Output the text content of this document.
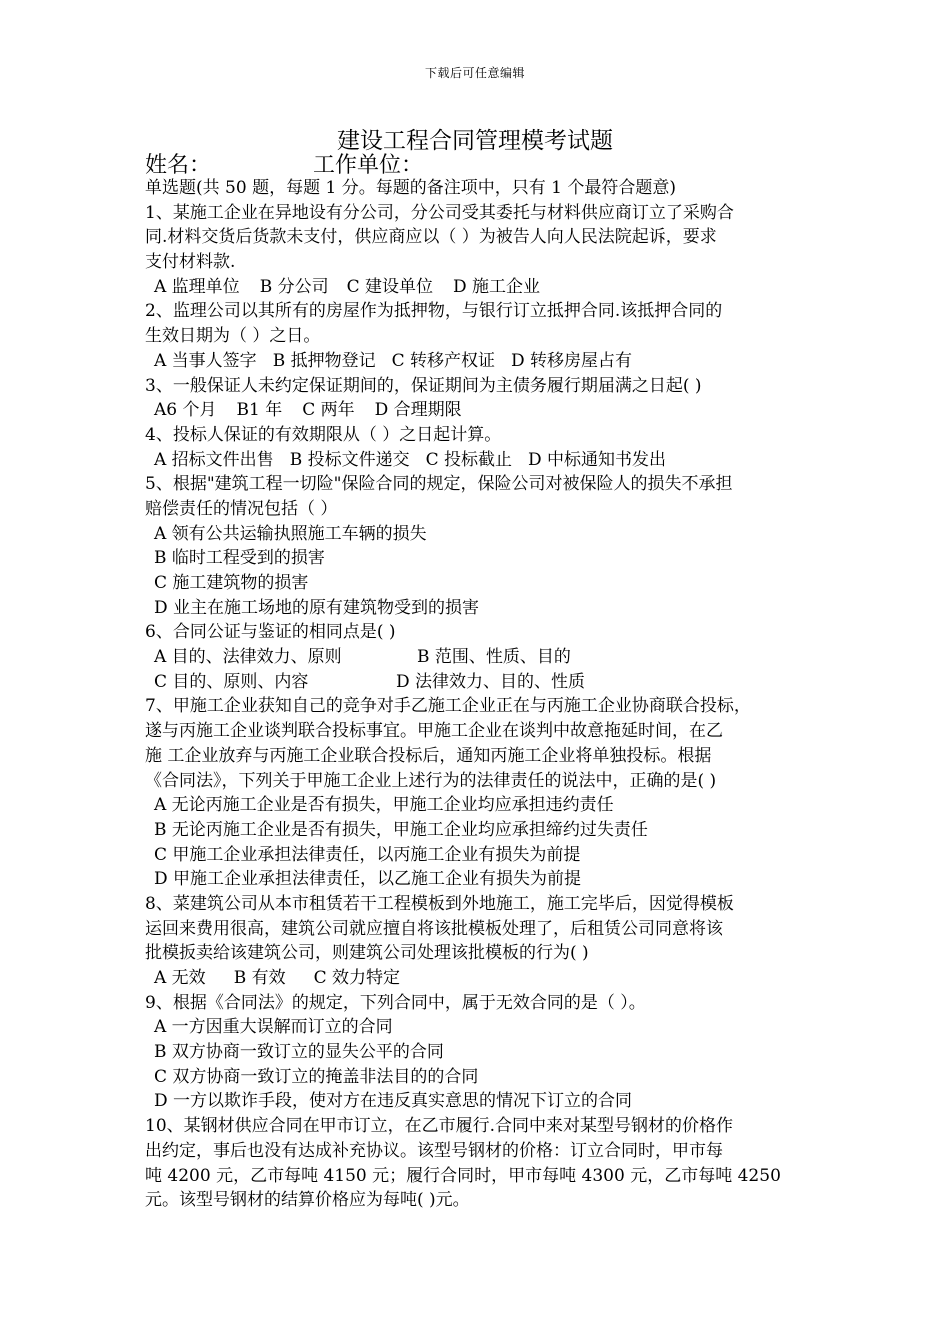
下载后可任意编辑
建设工程合同管理模考试题
姓名：	工作单位：
单选题(共 50 题，每题 1 分。每题的备注项中，只有 1 个最符合题意)
1、某施工企业在异地设有分公司，分公司受其委托与材料供应商订立了采购合
同.材料交货后货款未支付，供应商应以（ ）为被告人向人民法院起诉，要求
支付材料款.
A 监理单位 B 分公司 C 建设单位 D 施工企业
2、监理公司以其所有的房屋作为抵押物，与银行订立抵押合同.该抵押合同的
生效日期为（ ）之日。
A 当事人签字 B 抵押物登记 C 转移产权证 D 转移房屋占有
3、一般保证人未约定保证期间的，保证期间为主债务履行期届满之日起( )
A6 个月 B1 年 C 两年 D 合理期限
4、投标人保证的有效期限从（ ）之日起计算。
A 招标文件出售 B 投标文件递交 C 投标截止 D 中标通知书发出
5、根据"建筑工程一切险"保险合同的规定，保险公司对被保险人的损失不承担
赔偿责任的情况包括（ ）
A 领有公共运输执照施工车辆的损失
B 临时工程受到的损害
C 施工建筑物的损害
D 业主在施工场地的原有建筑物受到的损害
6、合同公证与鉴证的相同点是( )
A 目的、法律效力、原则	B 范围、性质、目的
C 目的、原则、内容	D 法律效力、目的、性质
7、甲施工企业获知自己的竞争对手乙施工企业正在与丙施工企业协商联合投标，
遂与丙施工企业谈判联合投标事宜。甲施工企业在谈判中故意拖延时间，在乙
施 工企业放弃与丙施工企业联合投标后，通知丙施工企业将单独投标。根据
《合同法》，下列关于甲施工企业上述行为的法律责任的说法中，正确的是( )
A 无论丙施工企业是否有损失，甲施工企业均应承担违约责任
B 无论丙施工企业是否有损失，甲施工企业均应承担缔约过失责任
C 甲施工企业承担法律责任，以丙施工企业有损失为前提
D 甲施工企业承担法律责任，以乙施工企业有损失为前提
8、菜建筑公司从本市租赁若干工程模板到外地施工，施工完毕后，因觉得模板
运回来费用很高，建筑公司就应擅自将该批模板处理了，后租赁公司同意将该
批模扳卖给该建筑公司，则建筑公司处理该批模板的行为( )
A 无效 B 有效 C 效力特定
9、根据《合同法》的规定，下列合同中，属于无效合同的是（ ）。
A 一方因重大误解而订立的合同
B 双方协商一致订立的显失公平的合同
C 双方协商一致订立的掩盖非法目的的合同
D 一方以欺诈手段，使对方在违反真实意思的情况下订立的合同
10、某钢材供应合同在甲市订立，在乙市履行.合同中来对某型号钢材的价格作
出约定，事后也没有达成补充协议。该型号钢材的价格：订立合同时，甲市每
吨 4200 元，乙市每吨 4150 元；履行合同时，甲市每吨 4300 元，乙市每吨 4250
元。该型号钢材的结算价格应为每吨( )元。
